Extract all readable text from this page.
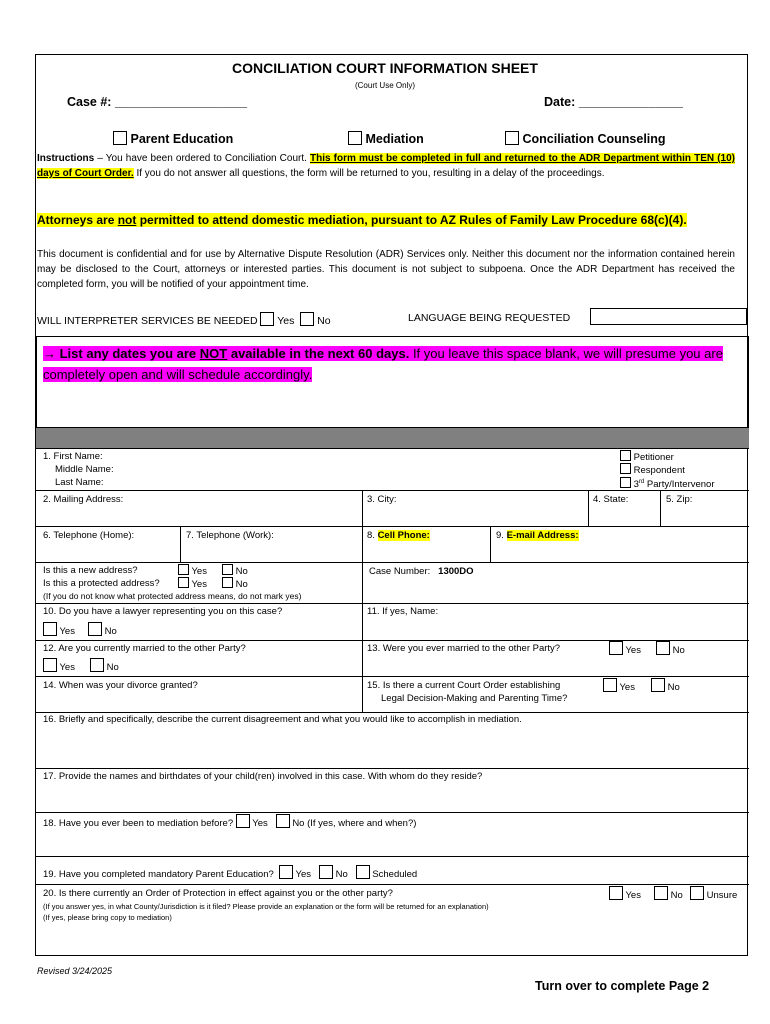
CONCILIATION COURT INFORMATION SHEET
(Court Use Only)
Case #: ___________________	Date: _______________
Parent Education	Mediation	Conciliation Counseling
Instructions – You have been ordered to Conciliation Court. This form must be completed in full and returned to the ADR Department within TEN (10) days of Court Order. If you do not answer all questions, the form will be returned to you, resulting in a delay of the proceedings.
Attorneys are not permitted to attend domestic mediation, pursuant to AZ Rules of Family Law Procedure 68(c)(4).
This document is confidential and for use by Alternative Dispute Resolution (ADR) Services only. Neither this document nor the information contained herein may be disclosed to the Court, attorneys or interested parties. This document is not subject to subpoena. Once the ADR Department has received the completed form, you will be notified of your appointment time.
WILL INTERPRETER SERVICES BE NEEDED Yes No	LANGUAGE BEING REQUESTED
→ List any dates you are NOT available in the next 60 days. If you leave this space blank, we will presume you are completely open and will schedule accordingly.
1. First Name:
Middle Name:
Last Name:
Petitioner
Respondent
3rd Party/Intervenor
2. Mailing Address:	3. City:	4. State:	5. Zip:
6. Telephone (Home):	7. Telephone (Work):	8. Cell Phone:	9. E-mail Address:
Is this a new address?	Yes	No
Is this a protected address?	Yes	No
(If you do not know what protected address means, do not mark yes)
Case Number: 1300DO
10. Do you have a lawyer representing you on this case?
Yes	No
11. If yes, Name:
12. Are you currently married to the other Party?
Yes	No
13. Were you ever married to the other Party?	Yes	No
14. When was your divorce granted?	15. Is there a current Court Order establishing
Legal Decision-Making and Parenting Time?
Yes	No
16. Briefly and specifically, describe the current disagreement and what you would like to accomplish in mediation.
17. Provide the names and birthdates of your child(ren) involved in this case. With whom do they reside?
18. Have you ever been to mediation before? Yes	No (If yes, where and when?)
19. Have you completed mandatory Parent Education? Yes	No	Scheduled
20. Is there currently an Order of Protection in effect against you or the other party?	Yes	No	Unsure
(If you answer yes, in what County/Jurisdiction is it filed? Please provide an explanation or the form will be returned for an explanation)
(If yes, please bring copy to mediation)
Revised 3/24/2025
Turn over to complete Page 2
